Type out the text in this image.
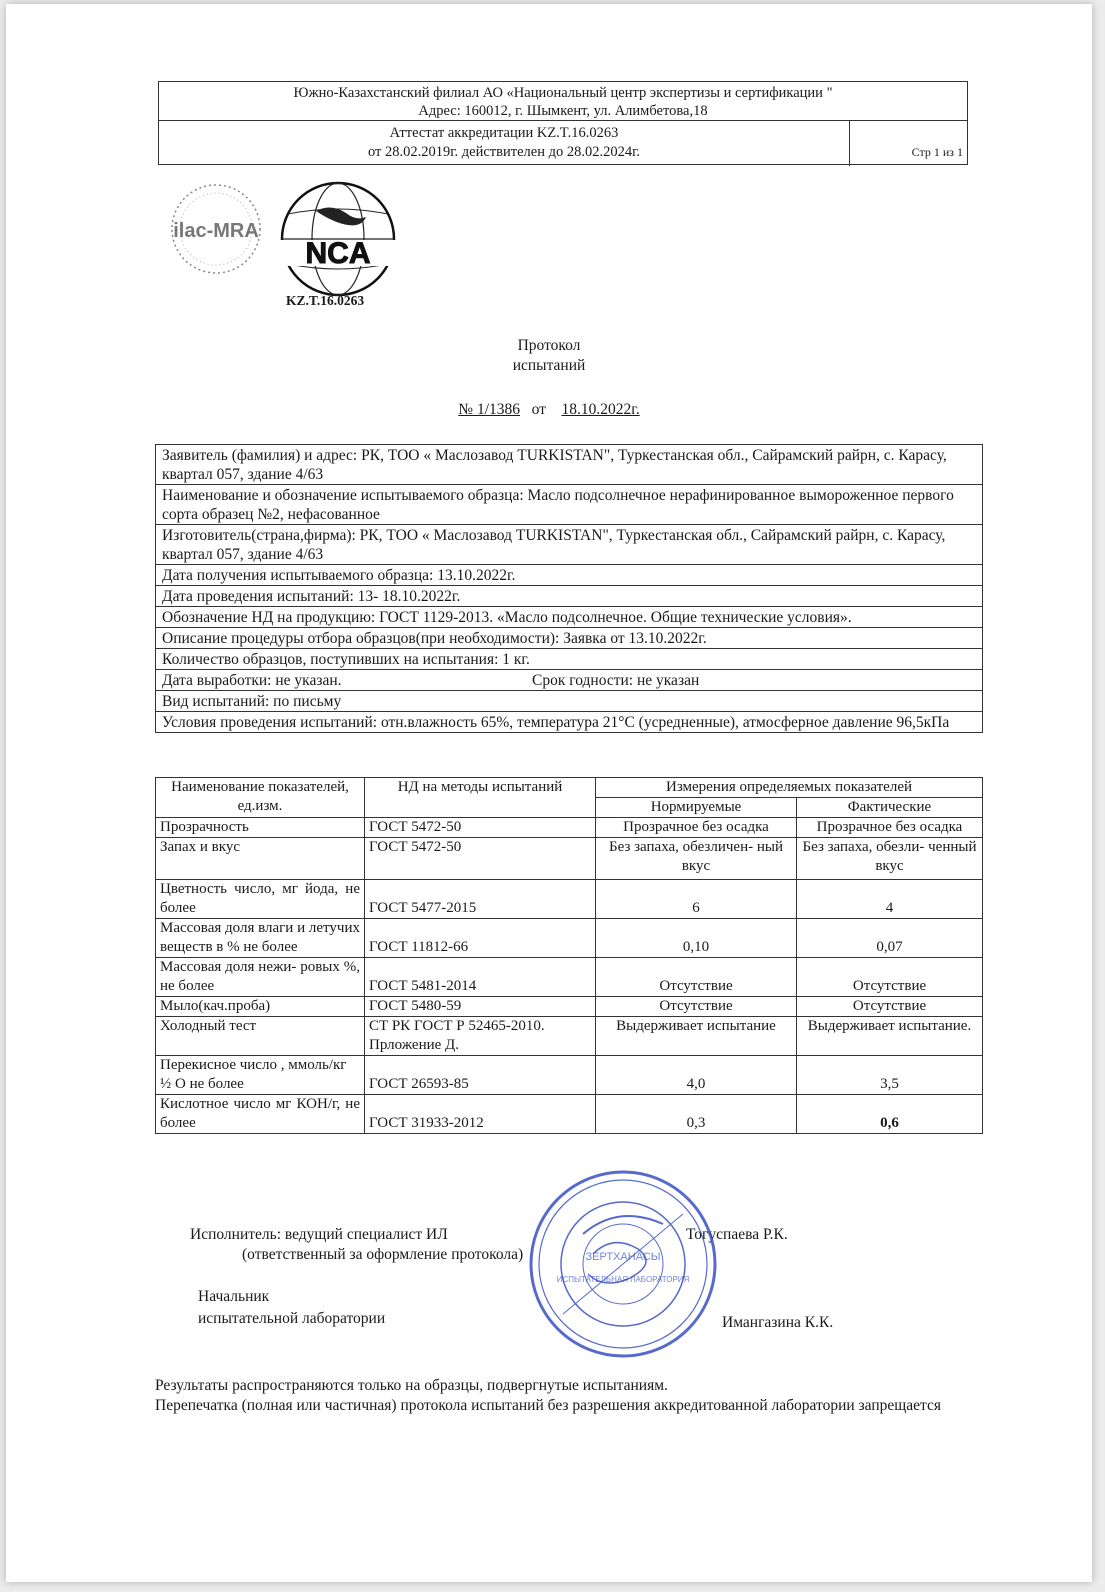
Южно-Казахстанский филиал АО «Национальный центр экспертизы и сертификации "
Адрес: 160012, г. Шымкент, ул. Алимбетова,18
Аттестат аккредитации KZ.T.16.0263
от 28.02.2019г. действителен до 28.02.2024г.	Стр 1 из 1
ilac-MRA
NCA
KZ.T.16.0263
Протокол
испытаний
№ 1/1386 от 18.10.2022г.
Заявитель (фамилия) и адрес: РК, ТОО « Маслозавод TURKISTAN", Туркестанская обл., Сайрамский райрн, с. Карасу, квартал 057, здание 4/63
Наименование и обозначение испытываемого образца: Масло подсолнечное нерафинированное вымороженное первого сорта образец №2, нефасованное
Изготовитель(страна,фирма): РК, ТОО « Маслозавод TURKISTAN", Туркестанская обл., Сайрамский райрн, с. Карасу, квартал 057, здание 4/63
Дата получения испытываемого образца: 13.10.2022г.
Дата проведения испытаний: 13- 18.10.2022г.
Обозначение НД на продукцию: ГОСТ 1129-2013. «Масло подсолнечное. Общие технические условия».
Описание процедуры отбора образцов(при необходимости): Заявка от 13.10.2022г.
Количество образцов, поступивших на испытания: 1 кг.
Дата выработки: не указан.	Срок годности: не указан
Вид испытаний: по письму
Условия проведения испытаний: отн.влажность 65%, температура 21°С (усредненные), атмосферное давление 96,5кПа
Наименование показателей, ед.изм.	НД на методы испытаний	Измерения определяемых показателей	
		Нормируемые	Фактические
Прозрачность	ГОСТ 5472-50	Прозрачное без осадка	Прозрачное без осадка
Запах и вкус	ГОСТ 5472-50	Без запаха, обезличен- ный вкус	Без запаха, обезли- ченный вкус
Цветность число, мг йода, не более	ГОСТ 5477-2015	6	4
Массовая доля влаги и летучих веществ в % не более	ГОСТ 11812-66	0,10	0,07
Массовая доля нежи- ровых %, не более	ГОСТ 5481-2014	Отсутствие	Отсутствие
Мыло(кач.проба)	ГОСТ 5480-59	Отсутствие	Отсутствие
Холодный тест	СТ РК ГОСТ Р 52465-2010. Прложение Д.	Выдерживает испытание	Выдерживает испытание.
Перекисное число , ммоль/кг ½ О не более	ГОСТ 26593-85	4,0	3,5
Кислотное число мг КОН/г, не более	ГОСТ 31933-2012	0,3	0,6
Исполнитель: ведущий специалист ИЛ
(ответственный за оформление протокола)
Тогуспаева Р.К.
Начальник
испытательной лаборатории	Имангазина К.К.
ЗЕРТХАНАСЫ
ИСПЫТАТЕЛЬНАЯ ЛАБОРАТОРИЯ

Результаты распространяются только на образцы, подвергнутые испытаниям.

Перепечатка (полная или частичная) протокола испытаний без разрешения аккредитованной лаборатории запрещается
